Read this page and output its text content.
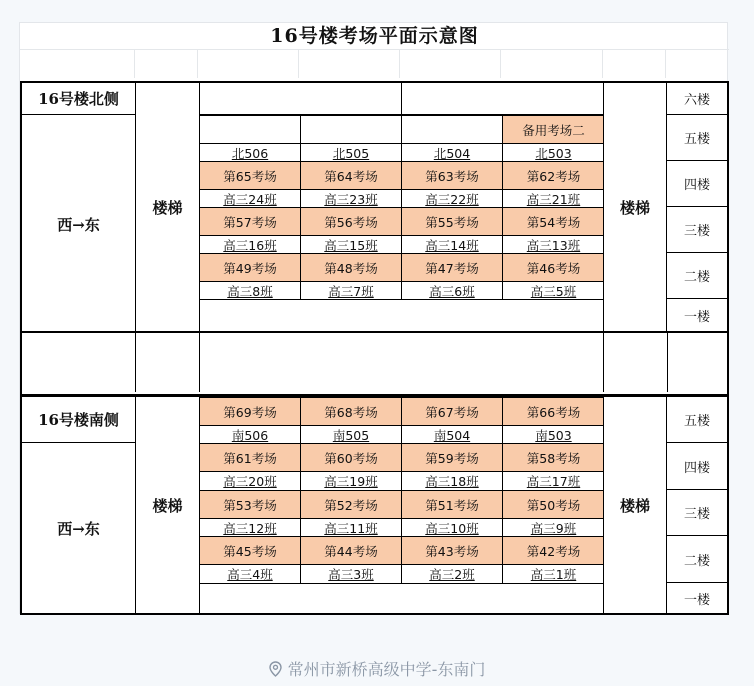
16号楼考场平面示意图
16号楼北侧
西→东
楼梯
北506	北505	北504
备用考场二
北503
第65考场
高三24班
第64考场
高三23班
第63考场
高三22班
第62考场
高三21班
第57考场
高三16班
第56考场
高三15班
第55考场
高三14班
第54考场
高三13班
第49考场
高三8班
第48考场
高三7班
第47考场
高三6班
第46考场
高三5班
楼梯
六楼
五楼
四楼
三楼
二楼
一楼
16号楼南侧
西→东
楼梯
第69考场
南506
第68考场
南505
第67考场
南504
第66考场
南503
第61考场
高三20班
第60考场
高三19班
第59考场
高三18班
第58考场
高三17班
第53考场
高三12班
第52考场
高三11班
第51考场
高三10班
第50考场
高三9班
第45考场
高三4班
第44考场
高三3班
第43考场
高三2班
第42考场
高三1班
楼梯
五楼
四楼
三楼
二楼
一楼
常州市新桥高级中学-东南门
